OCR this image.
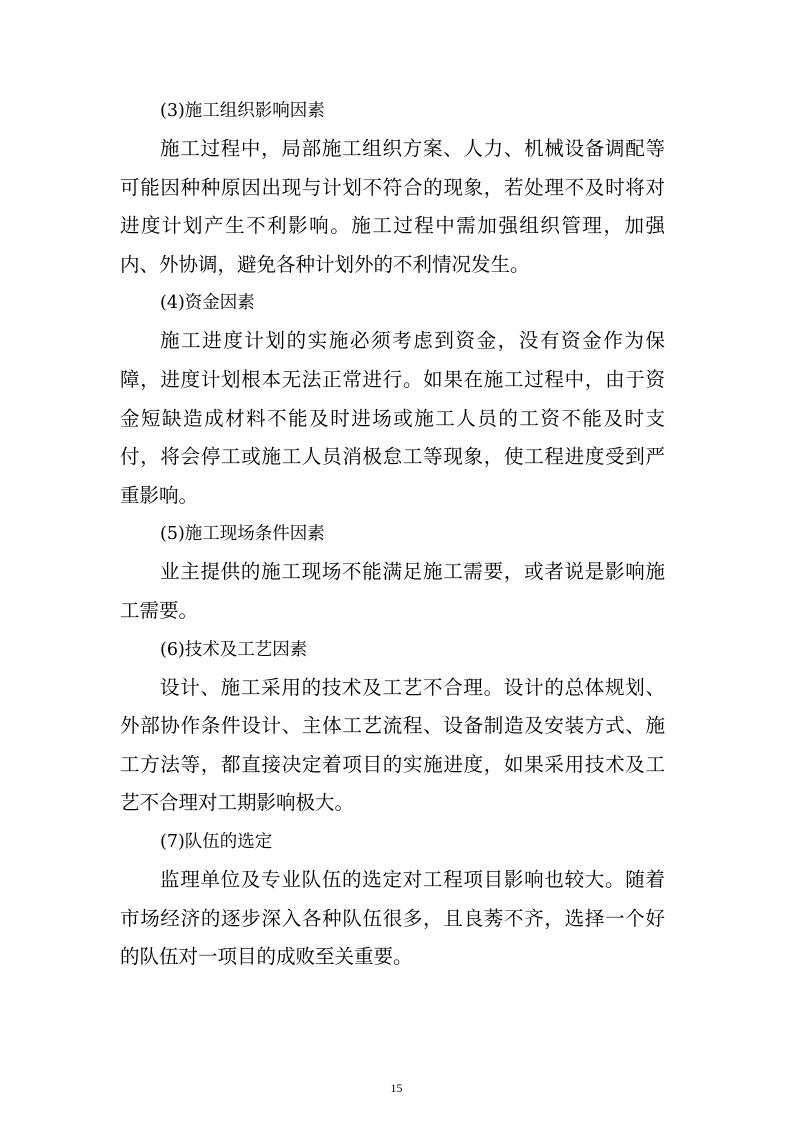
(3)施工组织影响因素

施工过程中，局部施工组织方案、人力、机械设备调配等可能因种种原因出现与计划不符合的现象，若处理不及时将对进度计划产生不利影响。施工过程中需加强组织管理，加强内、外协调，避免各种计划外的不利情况发生。

(4)资金因素

施工进度计划的实施必须考虑到资金，没有资金作为保障，进度计划根本无法正常进行。如果在施工过程中，由于资金短缺造成材料不能及时进场或施工人员的工资不能及时支付，将会停工或施工人员消极怠工等现象，使工程进度受到严重影响。

(5)施工现场条件因素

业主提供的施工现场不能满足施工需要，或者说是影响施工需要。

(6)技术及工艺因素

设计、施工采用的技术及工艺不合理。设计的总体规划、外部协作条件设计、主体工艺流程、设备制造及安装方式、施工方法等，都直接决定着项目的实施进度，如果采用技术及工艺不合理对工期影响极大。

(7)队伍的选定

监理单位及专业队伍的选定对工程项目影响也较大。随着市场经济的逐步深入各种队伍很多，且良莠不齐，选择一个好的队伍对一项目的成败至关重要。

15
